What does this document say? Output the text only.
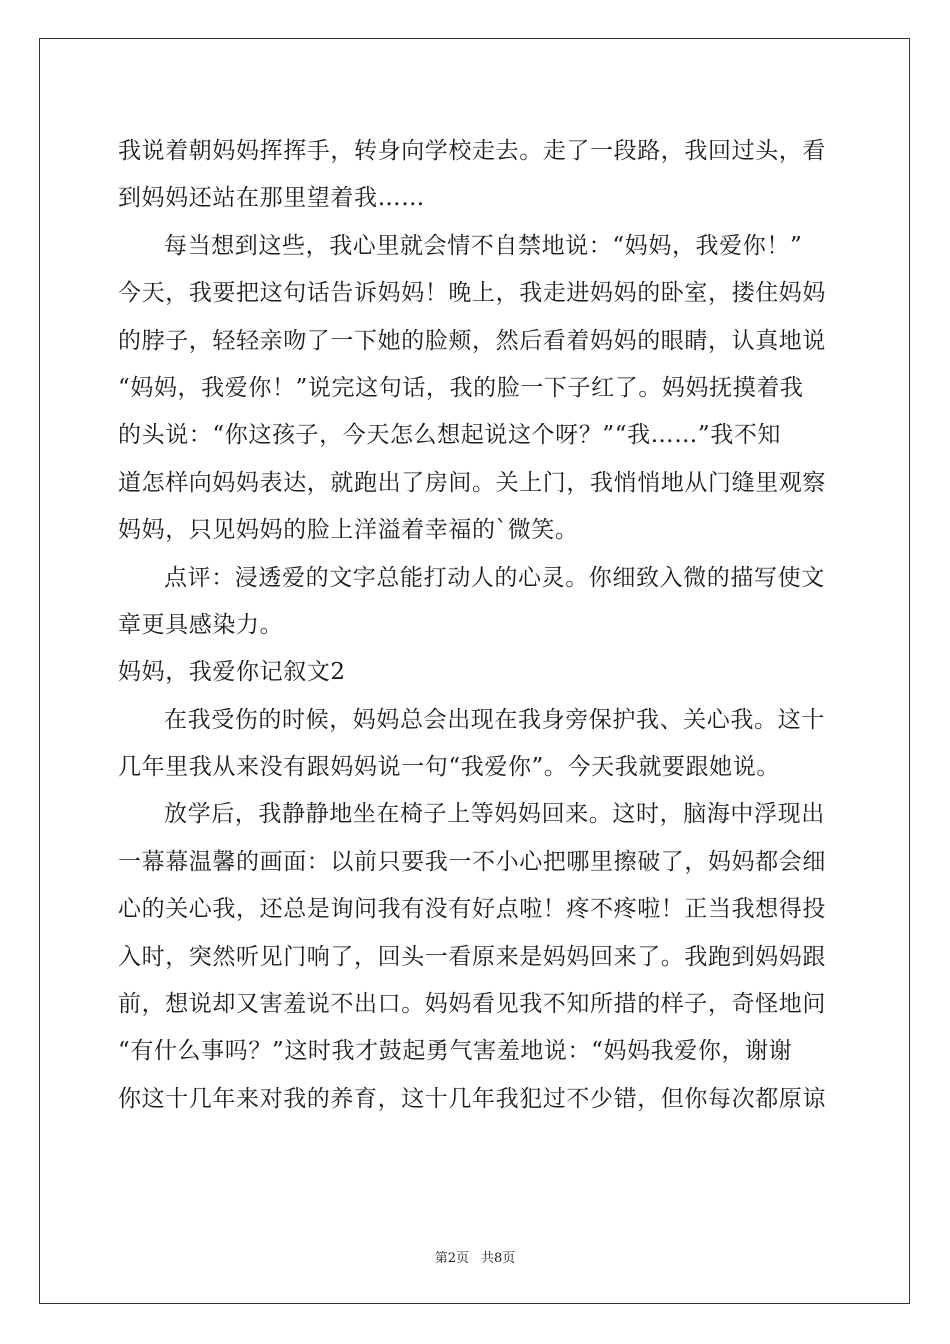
我说着朝妈妈挥挥手，转身向学校走去。走了一段路，我回过头，看
到妈妈还站在那里望着我……
每当想到这些，我心里就会情不自禁地说：“妈妈，我爱你！”
今天，我要把这句话告诉妈妈！晚上，我走进妈妈的卧室，搂住妈妈
的脖子，轻轻亲吻了一下她的脸颊，然后看着妈妈的眼睛，认真地说
“妈妈，我爱你！”说完这句话，我的脸一下子红了。妈妈抚摸着我
的头说：“你这孩子，今天怎么想起说这个呀？”“我……”我不知
道怎样向妈妈表达，就跑出了房间。关上门，我悄悄地从门缝里观察
妈妈，只见妈妈的脸上洋溢着幸福的`微笑。
点评：浸透爱的文字总能打动人的心灵。你细致入微的描写使文
章更具感染力。
妈妈，我爱你记叙文2
在我受伤的时候，妈妈总会出现在我身旁保护我、关心我。这十
几年里我从来没有跟妈妈说一句“我爱你”。今天我就要跟她说。
放学后，我静静地坐在椅子上等妈妈回来。这时，脑海中浮现出
一幕幕温馨的画面：以前只要我一不小心把哪里擦破了，妈妈都会细
心的关心我，还总是询问我有没有好点啦！疼不疼啦！正当我想得投
入时，突然听见门响了，回头一看原来是妈妈回来了。我跑到妈妈跟
前，想说却又害羞说不出口。妈妈看见我不知所措的样子，奇怪地问
“有什么事吗？”这时我才鼓起勇气害羞地说：“妈妈我爱你，谢谢
你这十几年来对我的养育，这十几年我犯过不少错，但你每次都原谅
第2页 共8页
